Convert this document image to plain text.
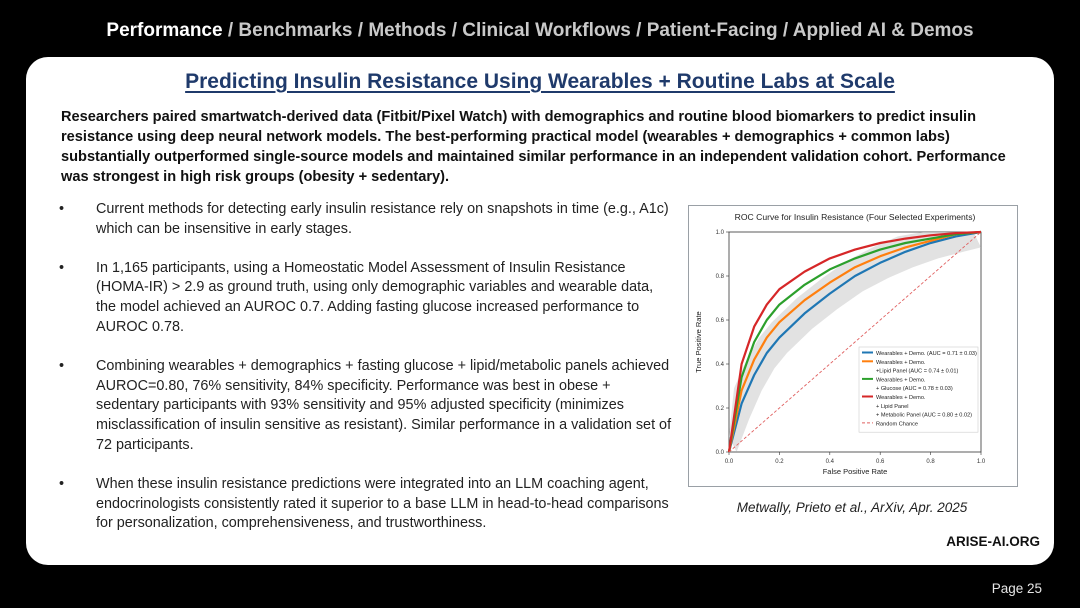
Performance / Benchmarks / Methods / Clinical Workflows / Patient-Facing / Applied AI & Demos
Predicting Insulin Resistance Using Wearables + Routine Labs at Scale
Researchers paired smartwatch-derived data (Fitbit/Pixel Watch) with demographics and routine blood biomarkers to predict insulin resistance using deep neural network models. The best-performing practical model (wearables + demographics + common labs) substantially outperformed single-source models and maintained similar performance in an independent validation cohort. Performance was strongest in high risk groups (obesity + sedentary).
• Current methods for detecting early insulin resistance rely on snapshots in time (e.g., A1c) which can be insensitive in early stages.
• In 1,165 participants, using a Homeostatic Model Assessment of Insulin Resistance (HOMA-IR) > 2.9 as ground truth, using only demographic variables and wearable data, the model achieved an AUROC 0.7. Adding fasting glucose increased performance to AUROC 0.78.
• Combining wearables + demographics + fasting glucose + lipid/metabolic panels achieved AUROC=0.80, 76% sensitivity, 84% specificity. Performance was best in obese + sedentary participants with 93% sensitivity and 95% adjusted specificity (minimizes misclassification of insulin sensitive as resistant). Similar performance in a validation set of 72 participants.
• When these insulin resistance predictions were integrated into an LLM coaching agent, endocrinologists consistently rated it superior to a base LLM in head-to-head comparisons for personalization, comprehensiveness, and trustworthiness.
ROC Curve for Insulin Resistance (Four Selected Experiments)
0.0	0.2	0.4	0.6	0.8	1.0
0.0
0.2
0.4
0.6
0.8
1.0
False Positive Rate
True Positive Rate	Wearables + Demo. (AUC = 0.71 ± 0.03)
Wearables + Demo.
+Lipid Panel (AUC = 0.74 ± 0.01)
Wearables + Demo.
+ Glucose (AUC = 0.78 ± 0.03)
Wearables + Demo.
+ Lipid Panel
+ Metabolic Panel (AUC = 0.80 ± 0.02)
Random Chance
Metwally, Prieto et al., ArXiv, Apr. 2025
ARISE-AI.ORG
Page 25
